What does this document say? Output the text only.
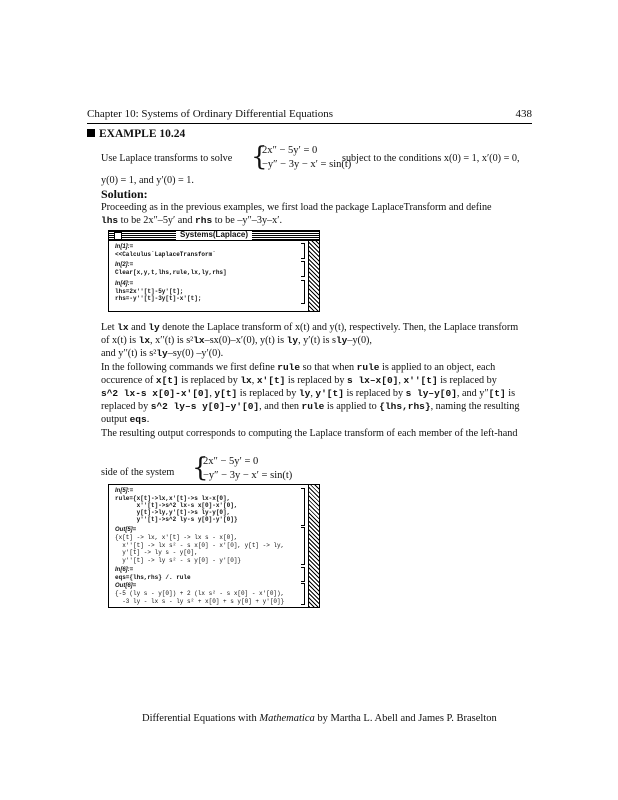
Chapter 10: Systems of Ordinary Differential Equations	438
EXAMPLE 10.24
Use Laplace transforms to solve {
2x″ − 5y′ = 0
−y″ − 3y − x′ = sin(t)
subject to the conditions x(0) = 1, x′(0) = 0,
y(0) = 1, and y′(0) = 1.
Solution:
Proceeding as in the previous examples, we first load the package LaplaceTransform and define
lhs to be 2x″–5y′ and rhs to be –y″–3y–x′.
Systems(Laplace)
In[1]:=
<<Calculus`LaplaceTransform`
In[2]:=
Clear[x,y,t,lhs,rule,lx,ly,rhs]
In[4]:=
lhs=2x''[t]-5y'[t];
rhs=-y''[t]-3y[t]-x'[t];
Let lx and ly denote the Laplace transform of x(t) and y(t), respectively. Then, the Laplace transform
of x(t) is lx, x′′(t) is s²lx–sx(0)–x′(0), y(t) is ly, y′(t) is sly–y(0),
and y′′(t) is s²ly–sy(0) –y′(0).
In the following commands we first define rule so that when rule is applied to an object, each
occurence of x[t] is replaced by lx, x'[t] is replaced by s lx–x[0], x''[t] is replaced by
s^2 lx-s x[0]-x'[0], y[t] is replaced by ly, y'[t] is replaced by s ly–y[0], and y″[t] is
replaced by s^2 ly–s y[0]–y'[0], and then rule is applied to {lhs,rhs}, naming the resulting
output eqs.
The resulting output corresponds to computing the Laplace transform of each member of the left-hand
side of the system {
2x″ − 5y′ = 0
−y″ − 3y − x′ = sin(t)
In[5]:=
rule={x[t]->lx,x'[t]->s lx-x[0],
x''[t]->s^2 lx-s x[0]-x'[0],
y[t]->ly,y'[t]->s ly-y[0],
y''[t]->s^2 ly-s y[0]-y'[0]}
Out[5]=
{x[t] -> lx, x'[t] -> lx s - x[0],
x''[t] -> lx s² - s x[0] - x'[0], y[t] -> ly,
y'[t] -> ly s - y[0],
y''[t] -> ly s² - s y[0] - y'[0]}
In[6]:=
eqs={lhs,rhs} /. rule
Out[6]=
{-5 (ly s - y[0]) + 2 (lx s² - s x[0] - x'[0]),
-3 ly - lx s - ly s² + x[0] + s y[0] + y'[0]}
Differential Equations with Mathematica by Martha L. Abell and James P. Braselton
